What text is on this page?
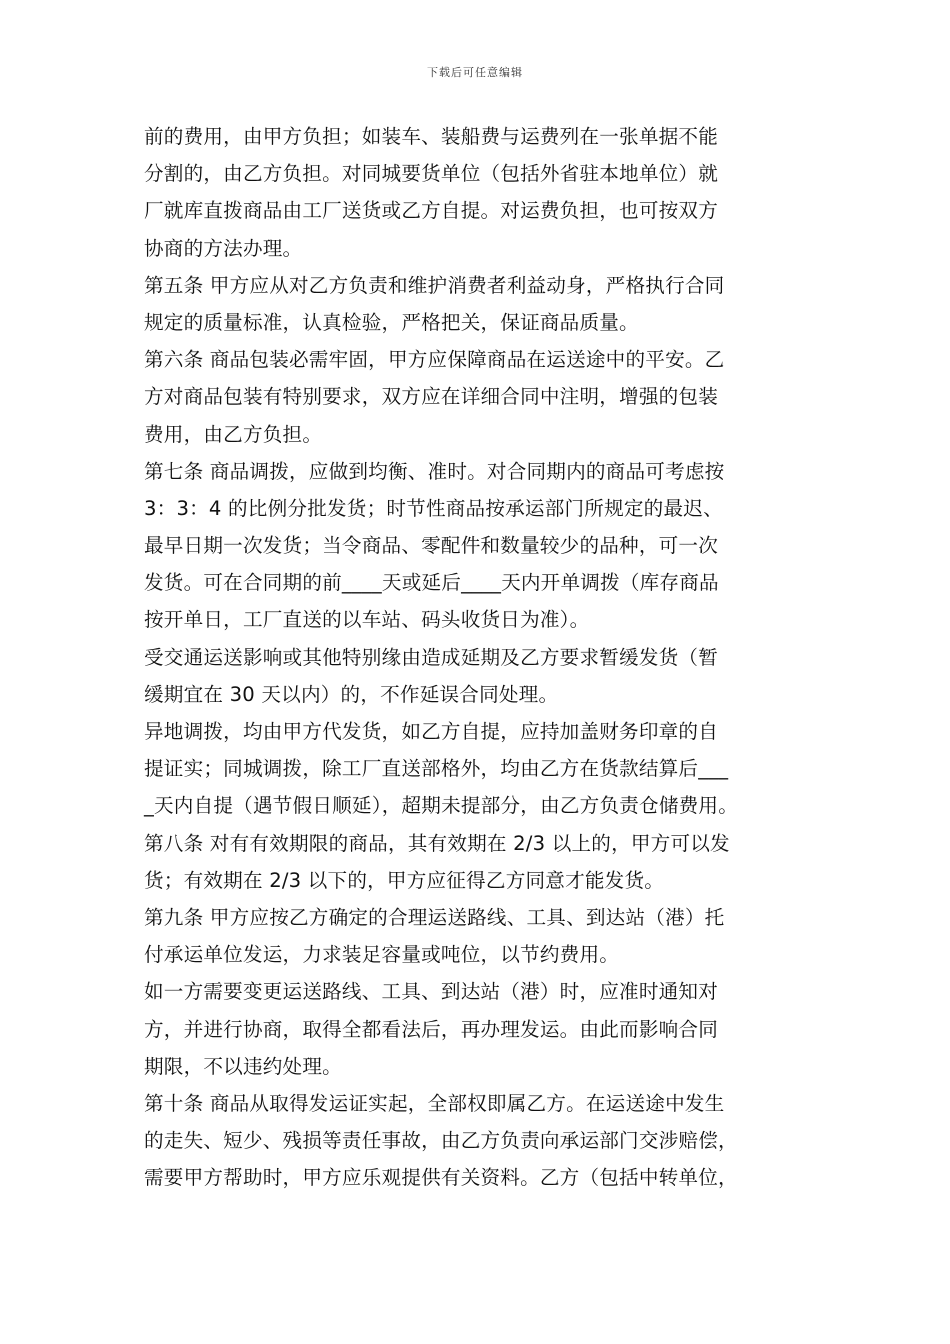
下载后可任意编辑
前的费用，由甲方负担；如装车、装船费与运费列在一张单据不能
分割的，由乙方负担。对同城要货单位（包括外省驻本地单位）就
厂就库直拨商品由工厂送货或乙方自提。对运费负担，也可按双方
协商的方法办理。
第五条 甲方应从对乙方负责和维护消费者利益动身，严格执行合同
规定的质量标准，认真检验，严格把关，保证商品质量。
第六条 商品包装必需牢固，甲方应保障商品在运送途中的平安。乙
方对商品包装有特别要求，双方应在详细合同中注明，增强的包装
费用，由乙方负担。
第七条 商品调拨，应做到均衡、准时。对合同期内的商品可考虑按
3：3：4 的比例分批发货；时节性商品按承运部门所规定的最迟、
最早日期一次发货；当令商品、零配件和数量较少的品种，可一次
发货。可在合同期的前____天或延后____天内开单调拨（库存商品
按开单日，工厂直送的以车站、码头收货日为准）。
受交通运送影响或其他特别缘由造成延期及乙方要求暂缓发货（暂
缓期宜在 30 天以内）的，不作延误合同处理。
异地调拨，均由甲方代发货，如乙方自提，应持加盖财务印章的自
提证实；同城调拨，除工厂直送部格外，均由乙方在货款结算后___
_天内自提（遇节假日顺延），超期未提部分，由乙方负责仓储费用。
第八条 对有有效期限的商品，其有效期在 2/3 以上的，甲方可以发
货；有效期在 2/3 以下的，甲方应征得乙方同意才能发货。
第九条 甲方应按乙方确定的合理运送路线、工具、到达站（港）托
付承运单位发运，力求装足容量或吨位，以节约费用。
如一方需要变更运送路线、工具、到达站（港）时，应准时通知对
方，并进行协商，取得全都看法后，再办理发运。由此而影响合同
期限，不以违约处理。
第十条 商品从取得发运证实起，全部权即属乙方。在运送途中发生
的走失、短少、残损等责任事故，由乙方负责向承运部门交涉赔偿，
需要甲方帮助时，甲方应乐观提供有关资料。乙方（包括中转单位，
